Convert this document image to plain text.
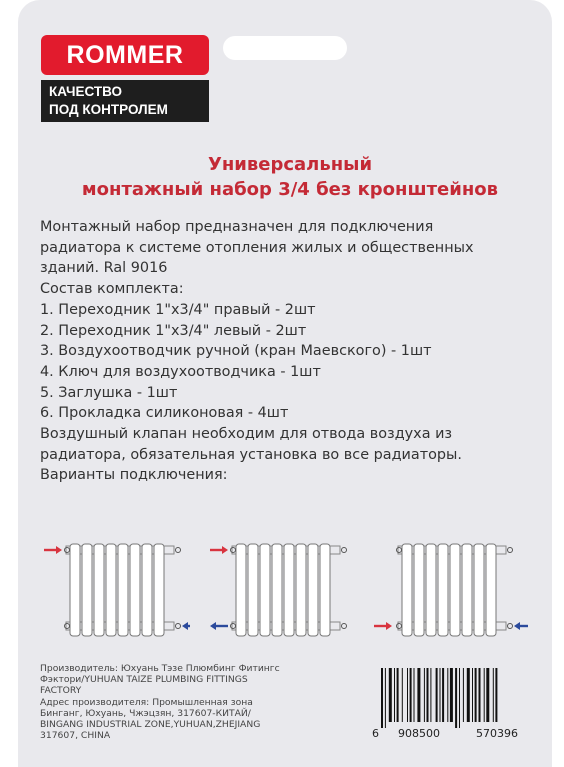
ROMMER
КАЧЕСТВО
ПОД КОНТРОЛЕМ
Универсальный
монтажный набор 3/4 без кронштейнов
Монтажный набор предназначен для подключения
радиатора к системе отопления жилых и общественных
зданий. Ral 9016
Состав комплекта:
1. Переходник 1"х3/4" правый - 2шт
2. Переходник 1"х3/4" левый - 2шт
3. Воздухоотводчик ручной (кран Маевского) - 1шт
4. Ключ для воздухоотводчика - 1шт
5. Заглушка - 1шт
6. Прокладка силиконовая - 4шт
Воздушный клапан необходим для отвода воздуха из
радиатора, обязательная установка во все радиаторы.
Варианты подключения:
Производитель: Юхуань Тэзе Плюмбинг Фитингс
Фэктори/YUHUAN TAIZE PLUMBING FITTINGS
FACTORY
Адрес производителя: Промышленная зона
Бинганг, Юхуань, Чжэцзян, 317607-КИТАЙ/
BINGANG INDUSTRIAL ZONE,YUHUAN,ZHEJIANG
317607, CHINA	6 908500	570396
